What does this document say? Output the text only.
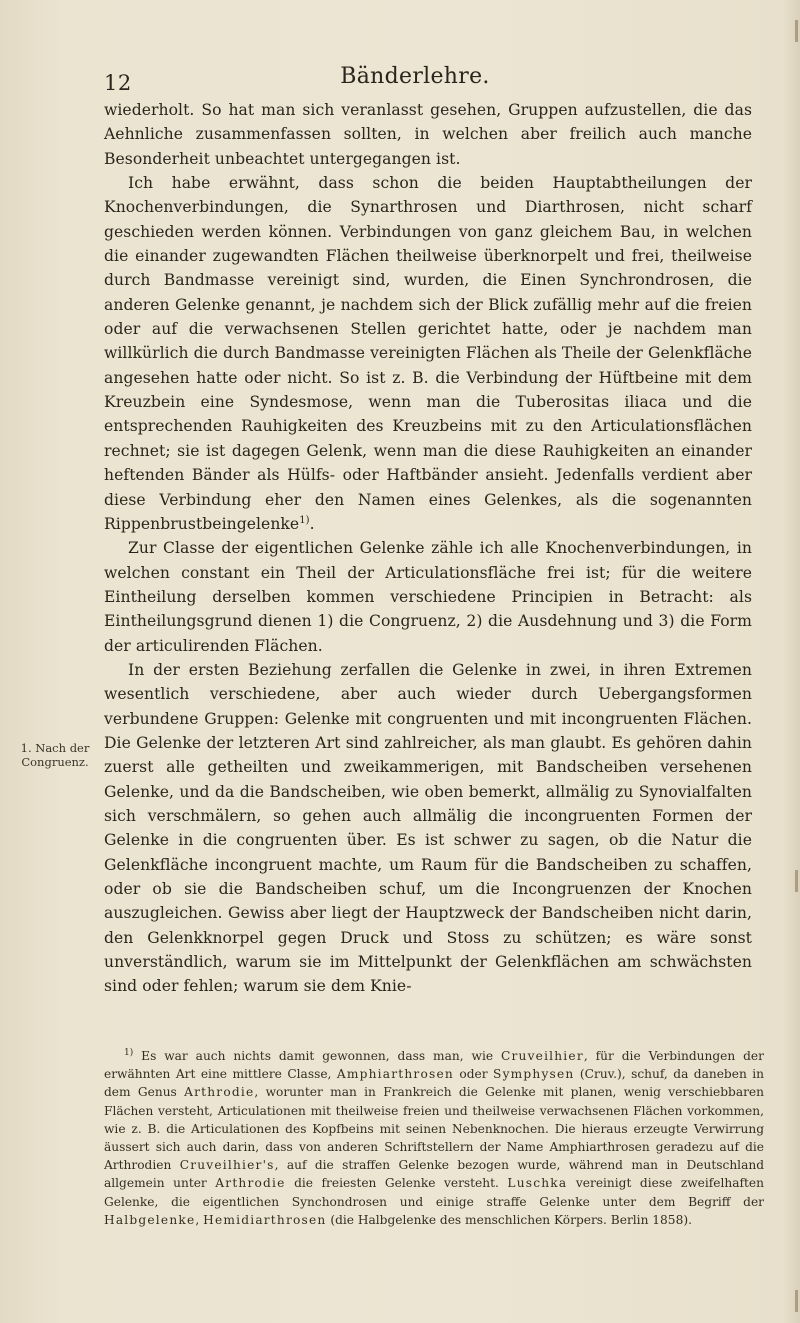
12	Bänderlehre.
1. Nach der Congruenz.

wiederholt. So hat man sich veranlasst gesehen, Gruppen aufzustellen, die das Aehnliche zusammenfassen sollten, in welchen aber freilich auch manche Besonderheit unbeachtet untergegangen ist.

Ich habe erwähnt, dass schon die beiden Hauptabtheilungen der Knochenverbindungen, die Synarthrosen und Diarthrosen, nicht scharf geschieden werden können. Verbindungen von ganz gleichem Bau, in welchen die einander zugewandten Flächen theilweise überknorpelt und frei, theilweise durch Bandmasse vereinigt sind, wurden, die Einen Synchrondrosen, die anderen Gelenke genannt, je nachdem sich der Blick zufällig mehr auf die freien oder auf die verwachsenen Stellen gerichtet hatte, oder je nachdem man willkürlich die durch Bandmasse vereinigten Flächen als Theile der Gelenkfläche angesehen hatte oder nicht. So ist z. B. die Verbindung der Hüftbeine mit dem Kreuzbein eine Syndesmose, wenn man die Tuberositas iliaca und die entsprechenden Rauhigkeiten des Kreuzbeins mit zu den Articulationsflächen rechnet; sie ist dagegen Gelenk, wenn man die diese Rauhigkeiten an einander heftenden Bänder als Hülfs- oder Haftbänder ansieht. Jedenfalls verdient aber diese Verbindung eher den Namen eines Gelenkes, als die sogenannten Rippenbrustbeingelenke$^{1)}$.

Zur Classe der eigentlichen Gelenke zähle ich alle Knochenverbindungen, in welchen constant ein Theil der Articulationsfläche frei ist; für die weitere Eintheilung derselben kommen verschiedene Principien in Betracht: als Eintheilungsgrund dienen 1) die Congruenz, 2) die Ausdehnung und 3) die Form der articulirenden Flächen.

In der ersten Beziehung zerfallen die Gelenke in zwei, in ihren Extremen wesentlich verschiedene, aber auch wieder durch Uebergangsformen verbundene Gruppen: Gelenke mit congruenten und mit incongruenten Flächen. Die Gelenke der letzteren Art sind zahlreicher, als man glaubt. Es gehören dahin zuerst alle getheilten und zweikammerigen, mit Bandscheiben versehenen Gelenke, und da die Bandscheiben, wie oben bemerkt, allmälig zu Synovialfalten sich verschmälern, so gehen auch allmälig die incongruenten Formen der Gelenke in die congruenten über. Es ist schwer zu sagen, ob die Natur die Gelenkfläche incongruent machte, um Raum für die Bandscheiben zu schaffen, oder ob sie die Bandscheiben schuf, um die Incongruenzen der Knochen auszugleichen. Gewiss aber liegt der Hauptzweck der Bandscheiben nicht darin, den Gelenkknorpel gegen Druck und Stoss zu schützen; es wäre sonst unverständlich, warum sie im Mittelpunkt der Gelenkflächen am schwächsten sind oder fehlen; warum sie dem Knie-

$^{1)}$ Es war auch nichts damit gewonnen, dass man, wie Cruveilhier, für die Verbindungen der erwähnten Art eine mittlere Classe, Amphiarthrosen oder Symphysen (Cruv.), schuf, da daneben in dem Genus Arthrodie, worunter man in Frankreich die Gelenke mit planen, wenig verschiebbaren Flächen versteht, Articulationen mit theilweise freien und theilweise verwachsenen Flächen vorkommen, wie z. B. die Articulationen des Kopfbeins mit seinen Nebenknochen. Die hieraus erzeugte Verwirrung äussert sich auch darin, dass von anderen Schriftstellern der Name Amphiarthrosen geradezu auf die Arthrodien Cruveilhier's, auf die straffen Gelenke bezogen wurde, während man in Deutschland allgemein unter Arthrodie die freiesten Gelenke versteht. Luschka vereinigt diese zweifelhaften Gelenke, die eigentlichen Synchondrosen und einige straffe Gelenke unter dem Begriff der Halbgelenke, Hemidiarthrosen (die Halbgelenke des menschlichen Körpers. Berlin 1858).
